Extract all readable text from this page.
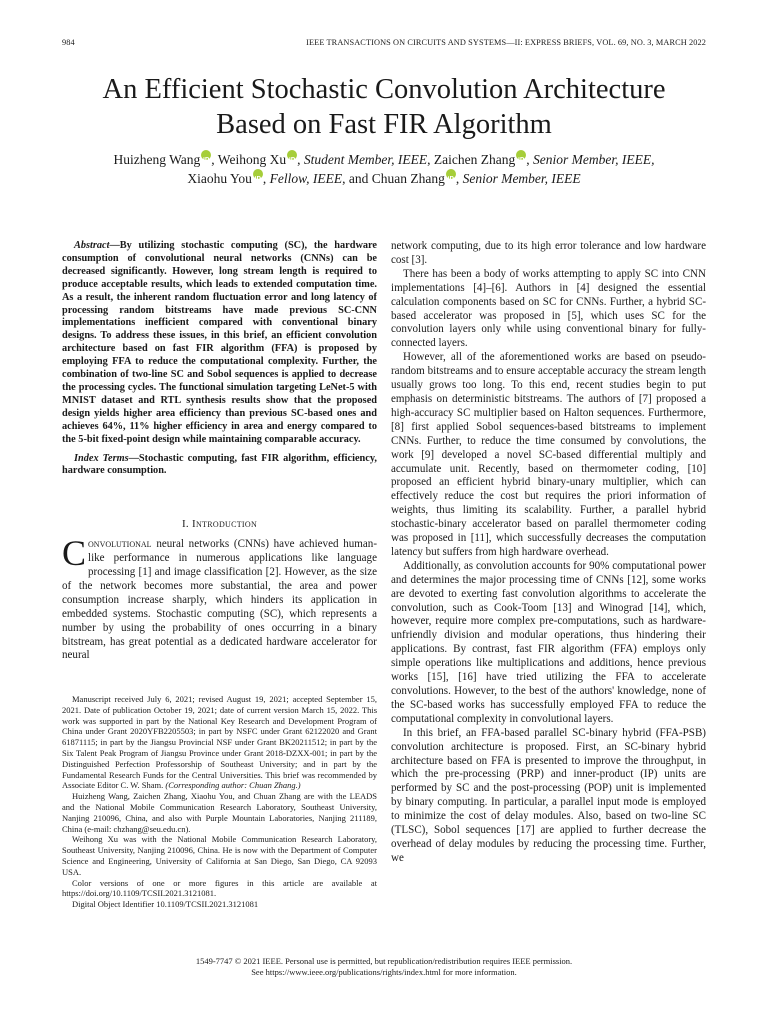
984	IEEE TRANSACTIONS ON CIRCUITS AND SYSTEMS—II: EXPRESS BRIEFS, VOL. 69, NO. 3, MARCH 2022
An Efficient Stochastic Convolution Architecture
Based on Fast FIR Algorithm
Huizheng Wang iD , Weihong Xu iD , Student Member, IEEE, Zaichen Zhang iD , Senior Member, IEEE,
Xiaohu You iD , Fellow, IEEE, and Chuan Zhang iD , Senior Member, IEEE

Abstract—By utilizing stochastic computing (SC), the hardware consumption of convolutional neural networks (CNNs) can be decreased significantly. However, long stream length is required to produce acceptable results, which leads to extended computation time. As a result, the inherent random fluctuation error and long latency of processing random bitstreams have made previous SC-CNN implementations inefficient compared with conventional binary designs. To address these issues, in this brief, an efficient convolution architecture based on fast FIR algorithm (FFA) is proposed by employing FFA to reduce the computational complexity. Further, the combination of two-line SC and Sobol sequences is applied to decrease the processing cycles. The functional simulation targeting LeNet-5 with MNIST dataset and RTL synthesis results show that the proposed design yields higher area efficiency than previous SC-based ones and achieves 64%, 11% higher efficiency in area and energy compared to the 5-bit fixed-point design while maintaining comparable accuracy.

Index Terms—Stochastic computing, fast FIR algorithm, efficiency, hardware consumption.

I. Introduction

Convolutional neural networks (CNNs) have achieved human-like performance in numerous applications like language processing [1] and image classification [2]. However, as the size of the network becomes more substantial, the area and power consumption increase sharply, which hinders its application in embedded systems. Stochastic computing (SC), which represents a number by using the probability of ones occurring in a binary bitstream, has great potential as a dedicated hardware accelerator for neural

Manuscript received July 6, 2021; revised August 19, 2021; accepted September 15, 2021. Date of publication October 19, 2021; date of current version March 15, 2022. This work was supported in part by the National Key Research and Development Program of China under Grant 2020YFB2205503; in part by NSFC under Grant 62122020 and Grant 61871115; in part by the Jiangsu Provincial NSF under Grant BK20211512; in part by the Six Talent Peak Program of Jiangsu Province under Grant 2018-DZXX-001; in part by the Distinguished Perfection Professorship of Southeast University; and in part by the Fundamental Research Funds for the Central Universities. This brief was recommended by Associate Editor C. W. Sham. (Corresponding author: Chuan Zhang.)

Huizheng Wang, Zaichen Zhang, Xiaohu You, and Chuan Zhang are with the LEADS and the National Mobile Communication Research Laboratory, Southeast University, Nanjing 210096, China, and also with Purple Mountain Laboratories, Nanjing 211189, China (e-mail: chzhang@seu.edu.cn).

Weihong Xu was with the National Mobile Communication Research Laboratory, Southeast University, Nanjing 210096, China. He is now with the Department of Computer Science and Engineering, University of California at San Diego, San Diego, CA 92093 USA.

Color versions of one or more figures in this article are available at https://doi.org/10.1109/TCSII.2021.3121081.

Digital Object Identifier 10.1109/TCSII.2021.3121081

network computing, due to its high error tolerance and low hardware cost [3].

There has been a body of works attempting to apply SC into CNN implementations [4]–[6]. Authors in [4] designed the essential calculation components based on SC for CNNs. Further, a hybrid SC-based accelerator was proposed in [5], which uses SC for the convolution layers only while using conventional binary for fully-connected layers.

However, all of the aforementioned works are based on pseudo-random bitstreams and to ensure acceptable accuracy the stream length usually grows too long. To this end, recent studies begin to put emphasis on deterministic bitstreams. The authors of [7] proposed a high-accuracy SC multiplier based on Halton sequences. Furthermore, [8] first applied Sobol sequences-based bitstreams to implement CNNs. Further, to reduce the time consumed by convolutions, the work [9] developed a novel SC-based differential multiply and accumulate unit. Recently, based on thermometer coding, [10] proposed an efficient hybrid binary-unary multiplier, which can effectively reduce the cost but requires the priori information of weights, thus limiting its scalability. Further, a parallel hybrid stochastic-binary accelerator based on parallel thermometer coding was proposed in [11], which successfully decreases the computation latency but suffers from high hardware overhead.

Additionally, as convolution accounts for 90% computational power and determines the major processing time of CNNs [12], some works are devoted to exerting fast convolution algorithms to accelerate the convolution, such as Cook-Toom [13] and Winograd [14], which, however, require more complex pre-computations, such as hardware-unfriendly division and modular operations, thus hindering their applications. By contrast, fast FIR algorithm (FFA) employs only simple operations like multiplications and additions, hence previous works [15], [16] have tried utilizing the FFA to accelerate convolutions. However, to the best of the authors' knowledge, none of the SC-based works has successfully employed FFA to reduce the computational complexity in convolutional layers.

In this brief, an FFA-based parallel SC-binary hybrid (FFA-PSB) convolution architecture is proposed. First, an SC-binary hybrid architecture based on FFA is presented to improve the throughput, in which the pre-processing (PRP) and inner-product (IP) units are performed by SC and the post-processing (POP) unit is implemented by binary computing. In particular, a parallel input mode is employed to minimize the cost of delay modules. Also, based on two-line SC (TLSC), Sobol sequences [17] are applied to further decrease the overhead of delay modules by reducing the processing time. Further, we

1549-7747 © 2021 IEEE. Personal use is permitted, but republication/redistribution requires IEEE permission.
See https://www.ieee.org/publications/rights/index.html for more information.
